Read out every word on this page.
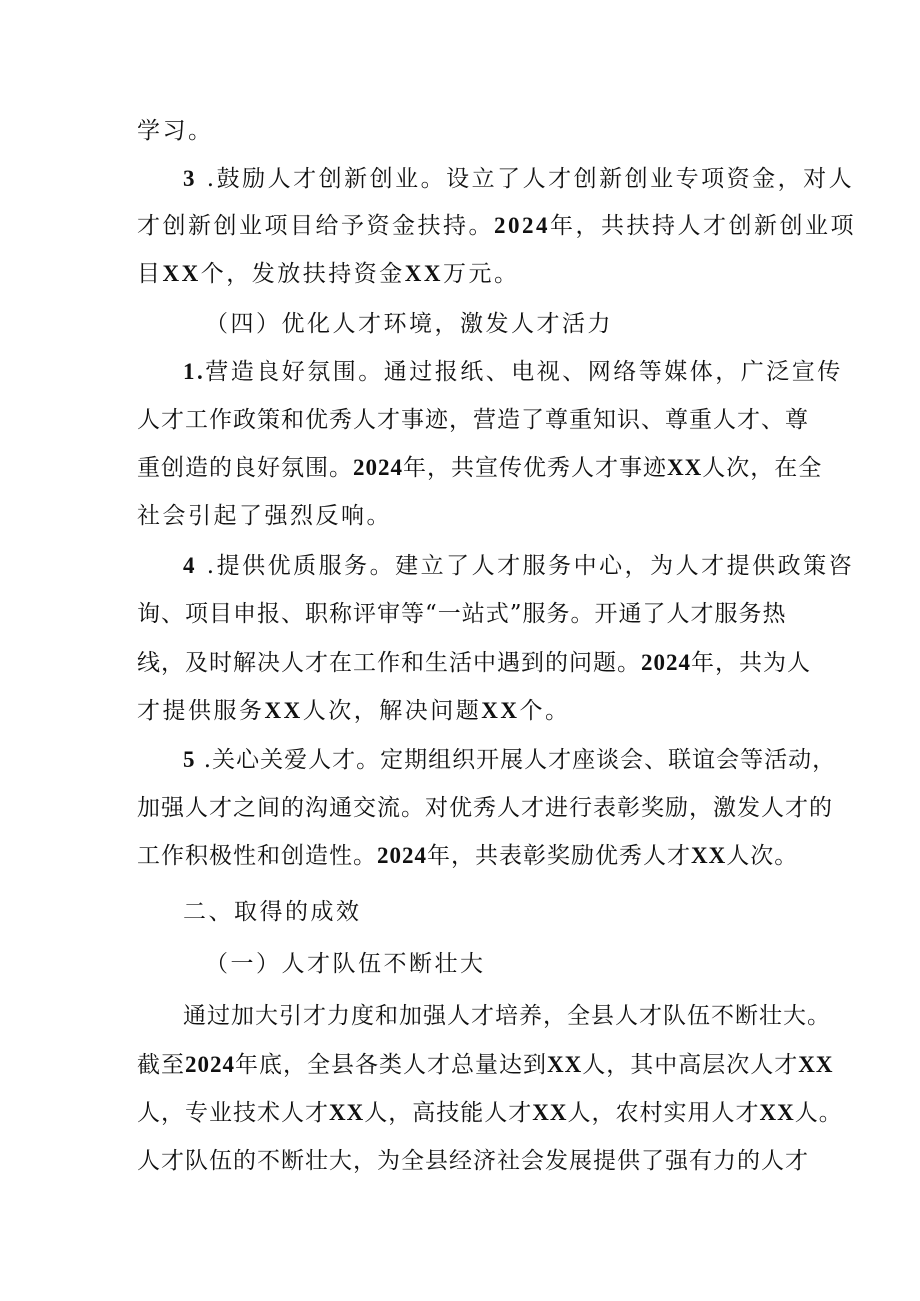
学习。
3 .鼓励人才创新创业。设立了人才创新创业专项资金，对人
才创新创业项目给予资金扶持。2024年，共扶持人才创新创业项
目XX个，发放扶持资金XX万元。
（四）优化人才环境，激发人才活力
1.营造良好氛围。通过报纸、电视、网络等媒体，广泛宣传
人才工作政策和优秀人才事迹，营造了尊重知识、尊重人才、尊
重创造的良好氛围。2024年，共宣传优秀人才事迹XX人次，在全
社会引起了强烈反响。
4 .提供优质服务。建立了人才服务中心，为人才提供政策咨
询、项目申报、职称评审等“一站式”服务。开通了人才服务热
线，及时解决人才在工作和生活中遇到的问题。2024年，共为人
才提供服务XX人次，解决问题XX个。
5 .关心关爱人才。定期组织开展人才座谈会、联谊会等活动，
加强人才之间的沟通交流。对优秀人才进行表彰奖励，激发人才的
工作积极性和创造性。2024年，共表彰奖励优秀人才XX人次。
二、取得的成效
（一）人才队伍不断壮大
通过加大引才力度和加强人才培养，全县人才队伍不断壮大。
截至2024年底，全县各类人才总量达到XX人，其中高层次人才XX
人，专业技术人才XX人，高技能人才XX人，农村实用人才XX人。
人才队伍的不断壮大，为全县经济社会发展提供了强有力的人才
